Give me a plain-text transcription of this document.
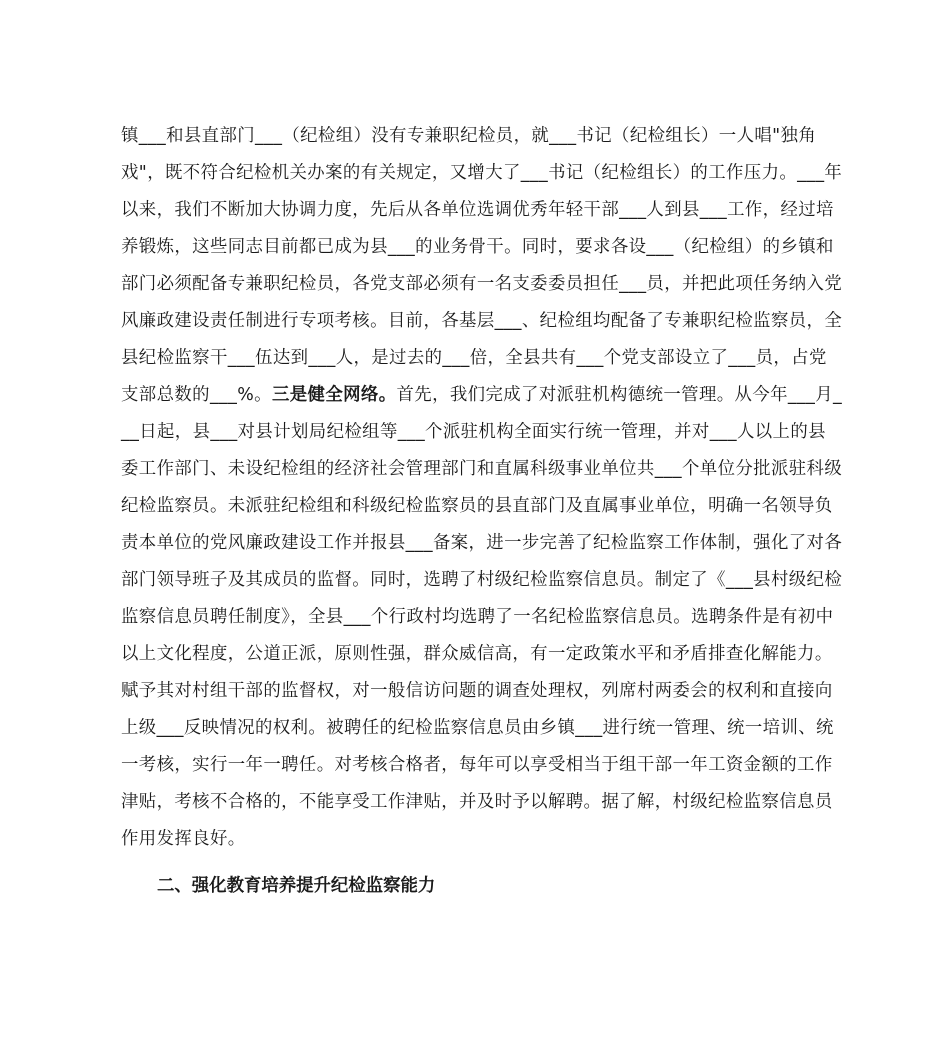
镇___和县直部门___（纪检组）没有专兼职纪检员，就___书记（纪检组长）一人唱"独角戏"，既不符合纪检机关办案的有关规定，又增大了___书记（纪检组长）的工作压力。___年以来，我们不断加大协调力度，先后从各单位选调优秀年轻干部___人到县___工作，经过培养锻炼，这些同志目前都已成为县___的业务骨干。同时，要求各设___（纪检组）的乡镇和部门必须配备专兼职纪检员，各党支部必须有一名支委委员担任___员，并把此项任务纳入党风廉政建设责任制进行专项考核。目前，各基层___、纪检组均配备了专兼职纪检监察员，全县纪检监察干___伍达到___人，是过去的___倍，全县共有___个党支部设立了___员，占党支部总数的___%。三是健全网络。首先，我们完成了对派驻机构德统一管理。从今年___月___日起，县___对县计划局纪检组等___个派驻机构全面实行统一管理，并对___人以上的县委工作部门、未设纪检组的经济社会管理部门和直属科级事业单位共___个单位分批派驻科级纪检监察员。未派驻纪检组和科级纪检监察员的县直部门及直属事业单位，明确一名领导负责本单位的党风廉政建设工作并报县___备案，进一步完善了纪检监察工作体制，强化了对各部门领导班子及其成员的监督。同时，选聘了村级纪检监察信息员。制定了《___县村级纪检监察信息员聘任制度》，全县___个行政村均选聘了一名纪检监察信息员。选聘条件是有初中以上文化程度，公道正派，原则性强，群众威信高，有一定政策水平和矛盾排查化解能力。赋予其对村组干部的监督权，对一般信访问题的调查处理权，列席村两委会的权利和直接向上级___反映情况的权利。被聘任的纪检监察信息员由乡镇___进行统一管理、统一培训、统一考核，实行一年一聘任。对考核合格者，每年可以享受相当于组干部一年工资金额的工作津贴，考核不合格的，不能享受工作津贴，并及时予以解聘。据了解，村级纪检监察信息员作用发挥良好。

二、强化教育培养提升纪检监察能力
